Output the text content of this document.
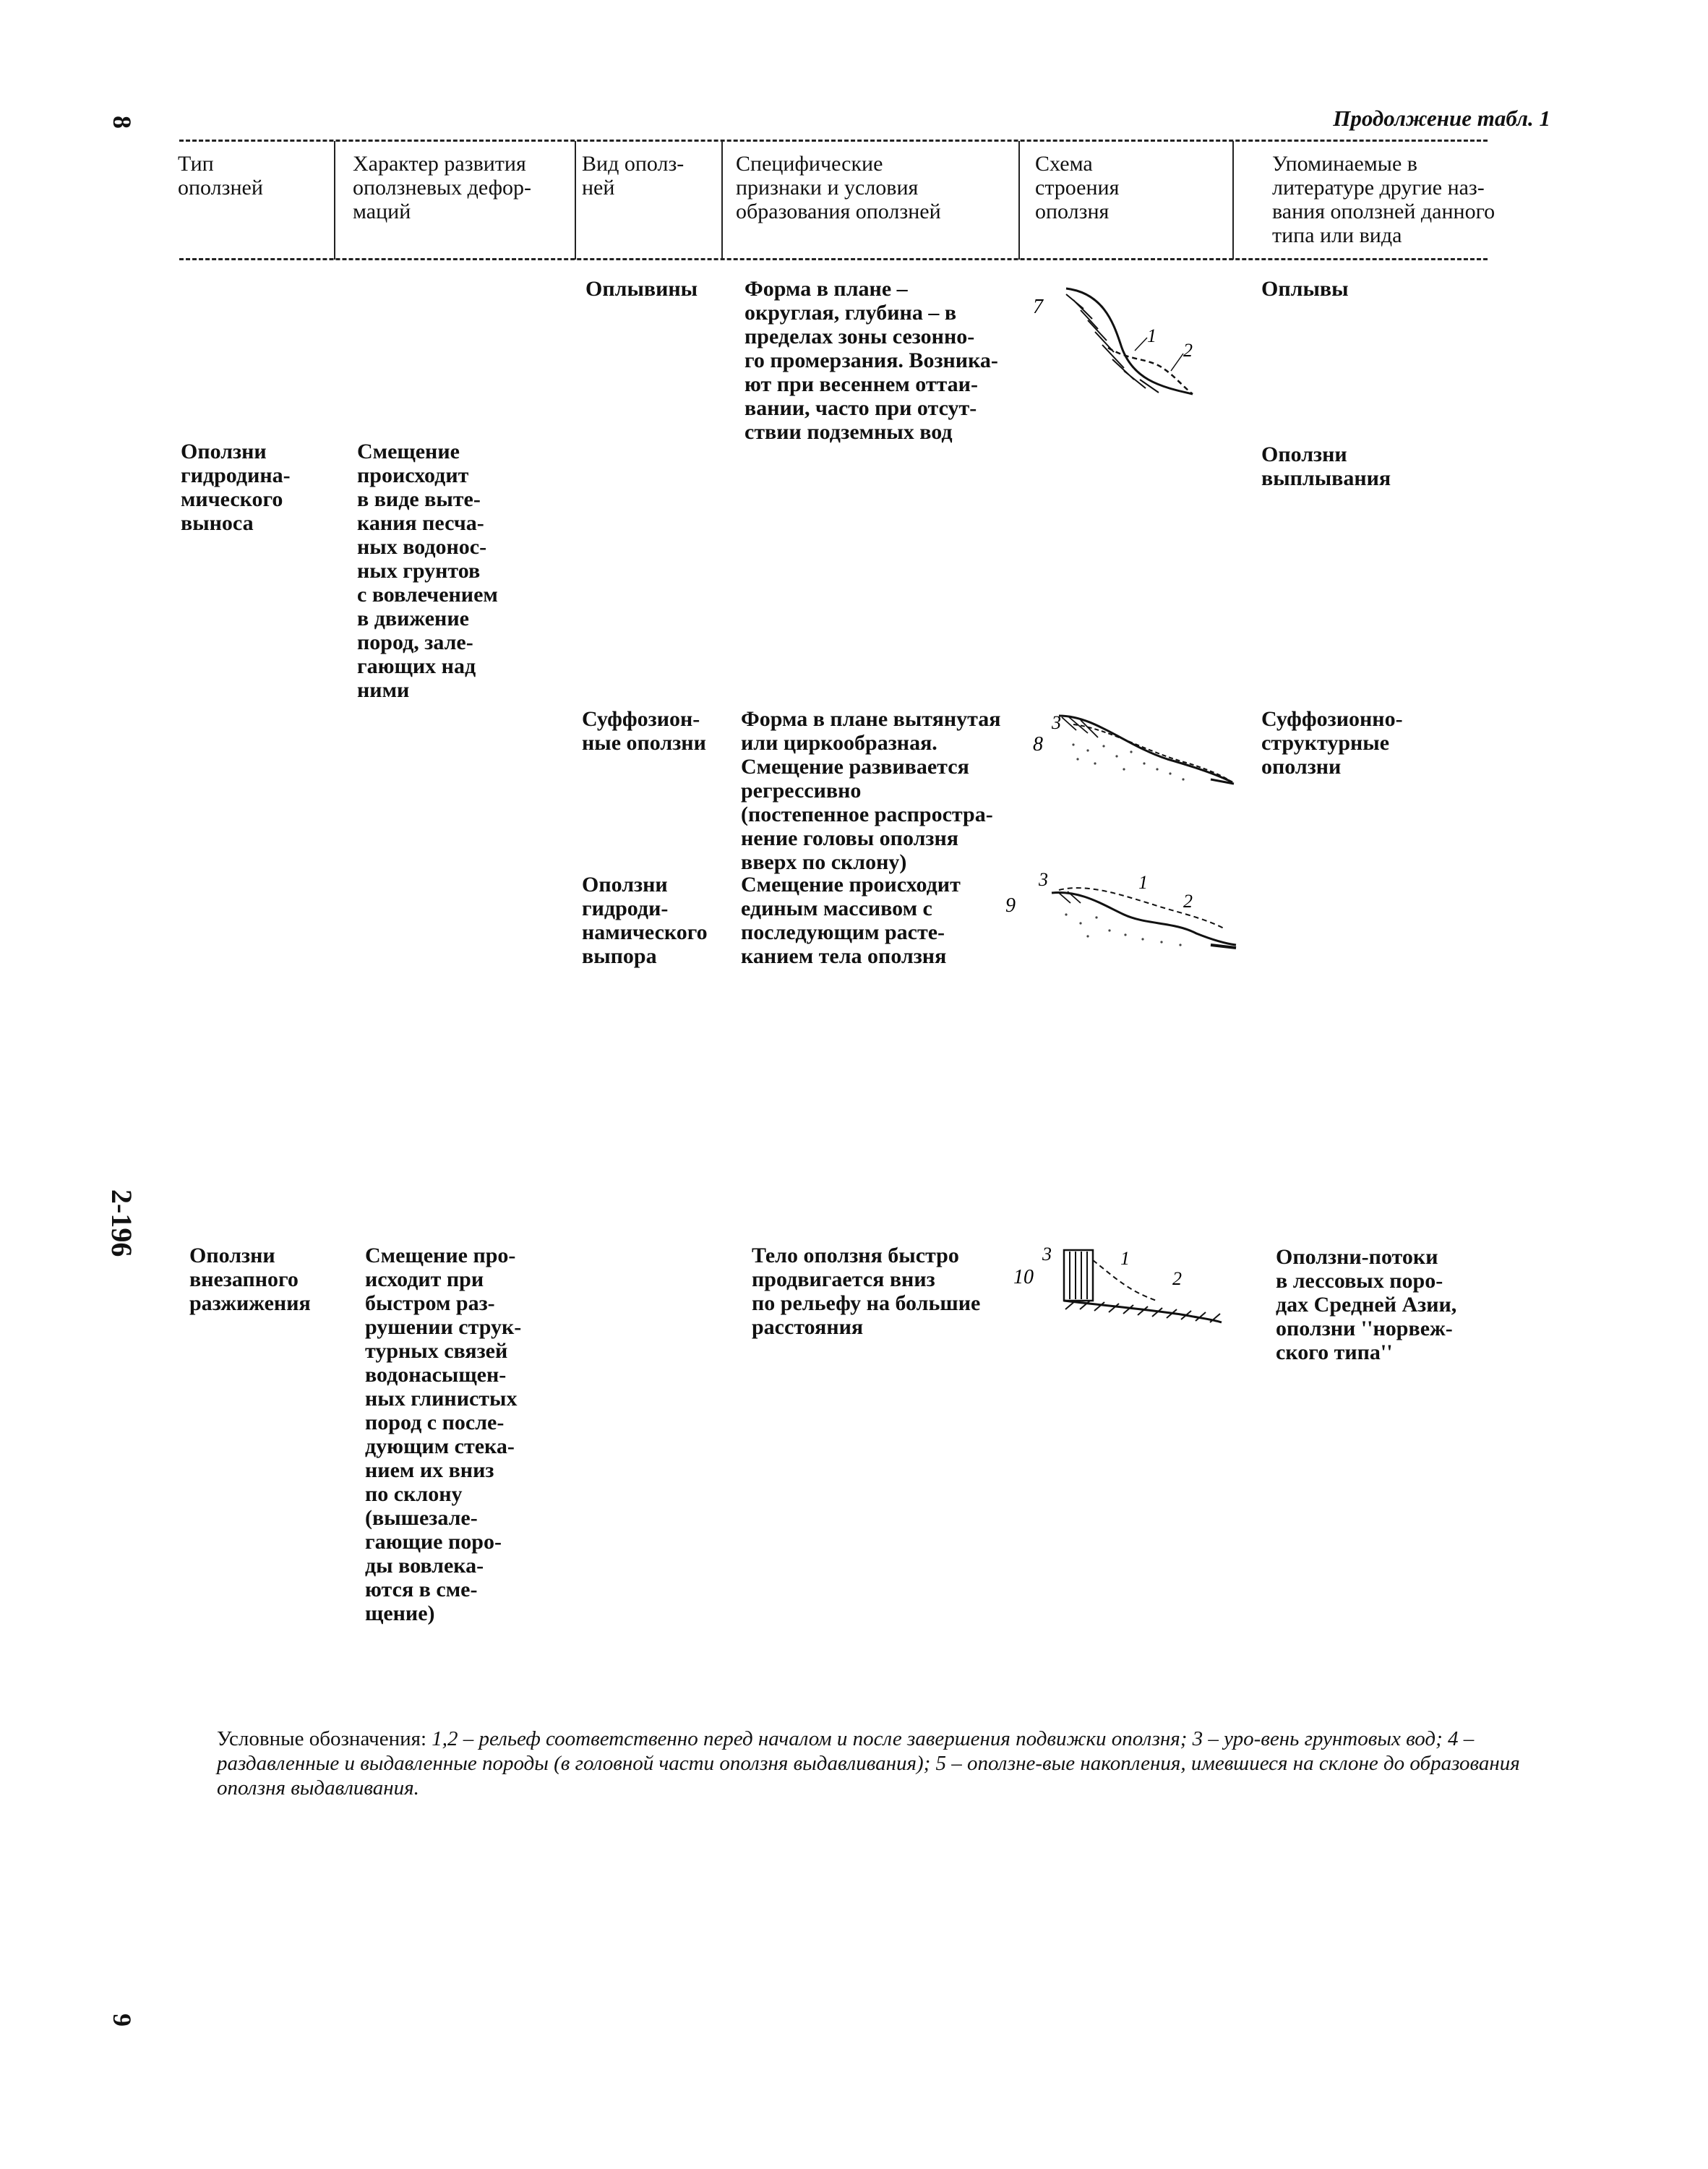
8
2-196
9
Продолжение табл. 1
Тип
оползней
Характер развития
оползневых дефор-
маций
Вид ополз-
ней
Специфические
признаки и условия
образования оползней
Схема
строения
оползня
Упоминаемые в
литературе другие наз-
вания оползней данного
типа или вида
Оползни
гидродина-
мического
выноса
Смещение
происходит
в виде выте-
кания песча-
ных водонос-
ных грунтов
с вовлечением
в движение
пород, зале-
гающих над
ними
Оползни
выплывания
Оплывины Форма в плане –
округлая, глубина – в
пределах зоны сезонно-
го промерзания. Возника-
ют при весеннем оттаи-
вании, часто при отсут-
ствии подземных вод
Оплывы
7
1
2
Суффозион-
ные оползни
Форма в плане вытянутая
или циркообразная.
Смещение развивается
регрессивно
(постепенное распростра-
нение головы оползня
вверх по склону)
Суффозионно-
структурные
оползни
8
3
Оползни
гидроди-
намического
выпора
Смещение происходит
единым массивом с
последующим расте-
канием тела оползня
9
3	1
2
Оползни
внезапного
разжижения
Смещение про-
исходит при
быстром раз-
рушении струк-
турных связей
водонасыщен-
ных глинистых
пород с после-
дующим стека-
нием их вниз
по склону
(вышезале-
гающие поро-
ды вовлека-
ются в сме-
щение)
Тело оползня быстро
продвигается вниз
по рельефу на большие
расстояния
Оползни-потоки
в лессовых поро-
дах Средней Азии,
оползни ''норвеж-
ского типа''
10
3	1
2
Условные обозначения: 1,2 – рельеф соответственно перед началом и после завершения подвижки оползня; 3 – уро-вень грунтовых вод; 4 – раздавленные и выдавленные породы (в головной части оползня выдавливания); 5 – оползне-вые накопления, имевшиеся на склоне до образования оползня выдавливания.
